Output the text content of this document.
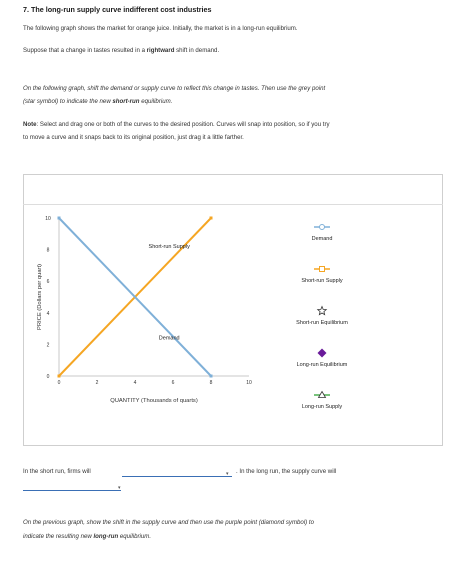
7. The long-run supply curve indifferent cost industries
The following graph shows the market for orange juice. Initially, the market is in a long-run equilibrium.
Suppose that a change in tastes resulted in a rightward shift in demand.
On the following graph, shift the demand or supply curve to reflect this change in tastes. Then use the grey point
(star symbol) to indicate the new short-run equilibrium.
Note: Select and drag one or both of the curves to the desired position. Curves will snap into position, so if you try
to move a curve and it snaps back to its original position, just drag it a little farther.
0	2	4	6	8	10
0
2
4
6
8
10
Short-run Supply
Demand
PRICE (Dollars per quart)
QUANTITY (Thousands of quarts)
Demand
Short-run Supply
Short-run Equilibrium
Long-run Equilibrium
Long-run Supply
In the short run, firms will	▾ . In the long run, the supply curve will
▾
On the previous graph, show the shift in the supply curve and then use the purple point (diamond symbol) to
indicate the resulting new long-run equilibrium.
